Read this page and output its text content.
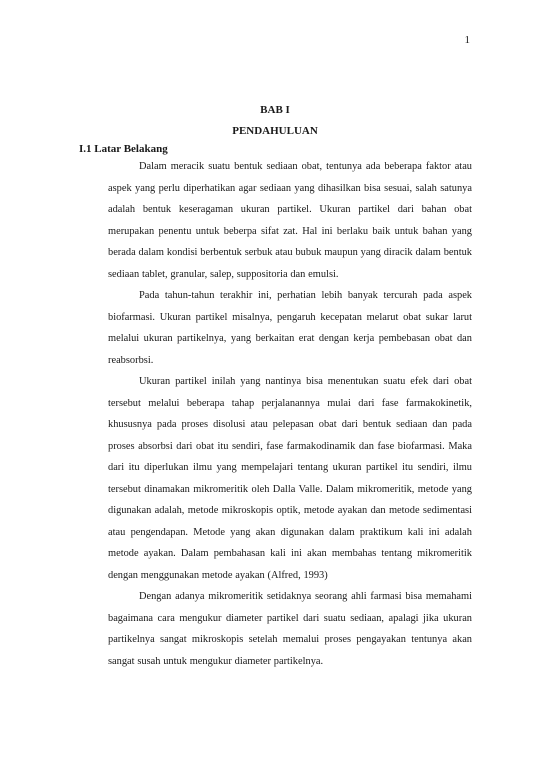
1
BAB I
PENDAHULUAN
I.1 Latar Belakang

Dalam meracik suatu bentuk sediaan obat, tentunya ada beberapa faktor atau aspek yang perlu diperhatikan agar sediaan yang dihasilkan bisa sesuai, salah satunya adalah bentuk keseragaman ukuran partikel. Ukuran partikel dari bahan obat merupakan penentu untuk beberpa sifat zat. Hal ini berlaku baik untuk bahan yang berada dalam kondisi berbentuk serbuk atau bubuk maupun yang diracik dalam bentuk sediaan tablet, granular, salep, suppositoria dan emulsi.

Pada tahun-tahun terakhir ini, perhatian lebih banyak tercurah pada aspek biofarmasi. Ukuran partikel misalnya, pengaruh kecepatan melarut obat sukar larut melalui ukuran partikelnya, yang berkaitan erat dengan kerja pembebasan obat dan reabsorbsi.

Ukuran partikel inilah yang nantinya bisa menentukan suatu efek dari obat tersebut melalui beberapa tahap perjalanannya mulai dari fase farmakokinetik, khususnya pada proses disolusi atau pelepasan obat dari bentuk sediaan dan pada proses absorbsi dari obat itu sendiri, fase farmakodinamik dan fase biofarmasi. Maka dari itu diperlukan ilmu yang mempelajari tentang ukuran partikel itu sendiri, ilmu tersebut dinamakan mikromeritik oleh Dalla Valle. Dalam mikromeritik, metode yang digunakan adalah, metode mikroskopis optik, metode ayakan dan metode sedimentasi atau pengendapan. Metode yang akan digunakan dalam praktikum kali ini adalah metode ayakan. Dalam pembahasan kali ini akan membahas tentang mikromeritik dengan menggunakan metode ayakan (Alfred, 1993)

Dengan adanya mikromeritik setidaknya seorang ahli farmasi bisa memahami bagaimana cara mengukur diameter partikel dari suatu sediaan, apalagi jika ukuran partikelnya sangat mikroskopis setelah memalui proses pengayakan tentunya akan sangat susah untuk mengukur diameter partikelnya.
